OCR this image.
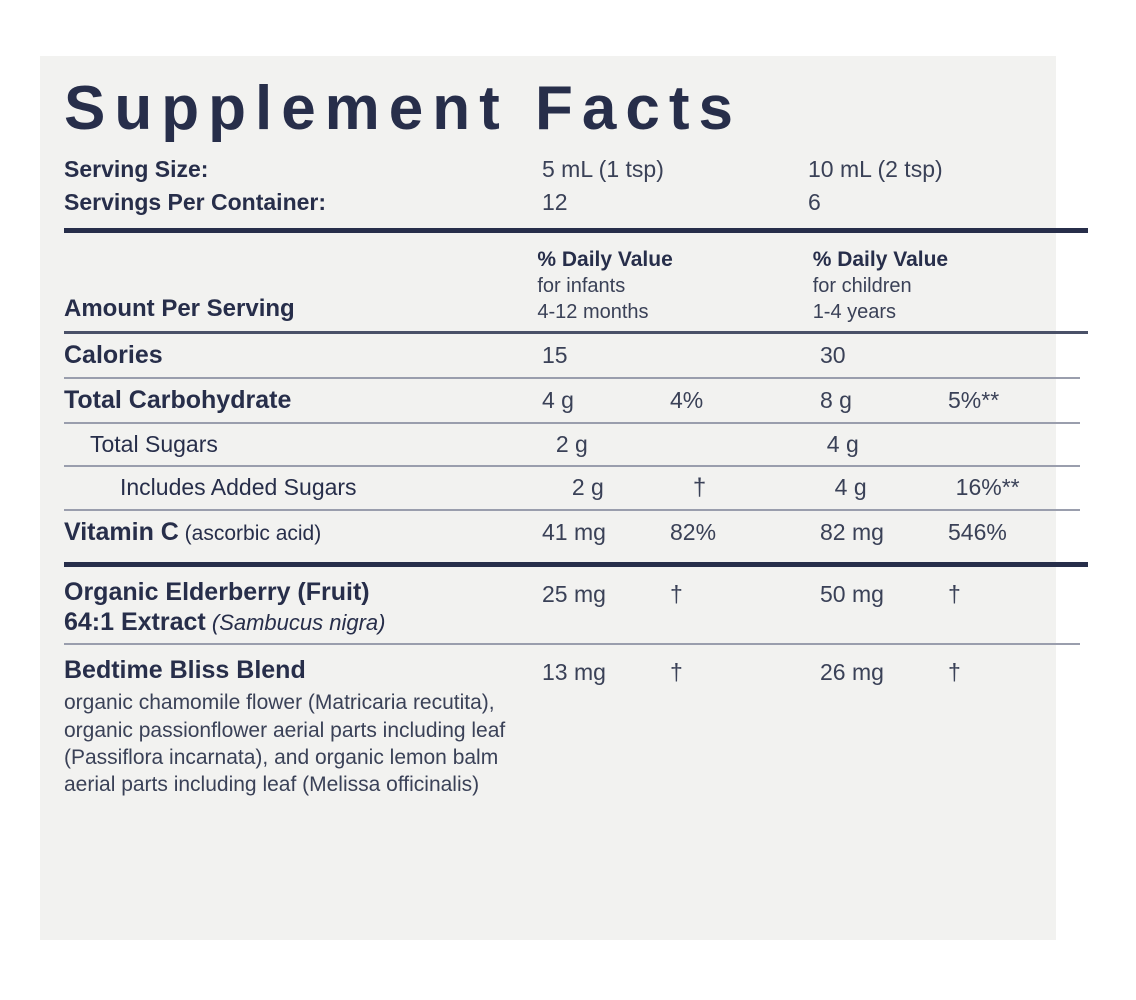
Supplement Facts
Serving Size:	5 mL (1 tsp)	10 mL (2 tsp)
Servings Per Container:	12	6
Amount Per Serving
% Daily Value
for infants
4-12 months
% Daily Value
for children
1-4 years
Calories	15	30
Total Carbohydrate	4 g	4%	8 g	5%**
Total Sugars	2 g	4 g
Includes Added Sugars	2 g	†	4 g	16%**
Vitamin C (ascorbic acid)	41 mg	82%	82 mg	546%
Organic Elderberry (Fruit)
64:1 Extract (Sambucus nigra)
25 mg	†	50 mg	†
Bedtime Bliss Blend
organic chamomile flower (Matricaria recutita), organic passionflower aerial parts including leaf (Passiflora incarnata), and organic lemon balm aerial parts including leaf (Melissa officinalis)
13 mg	†	26 mg	†
